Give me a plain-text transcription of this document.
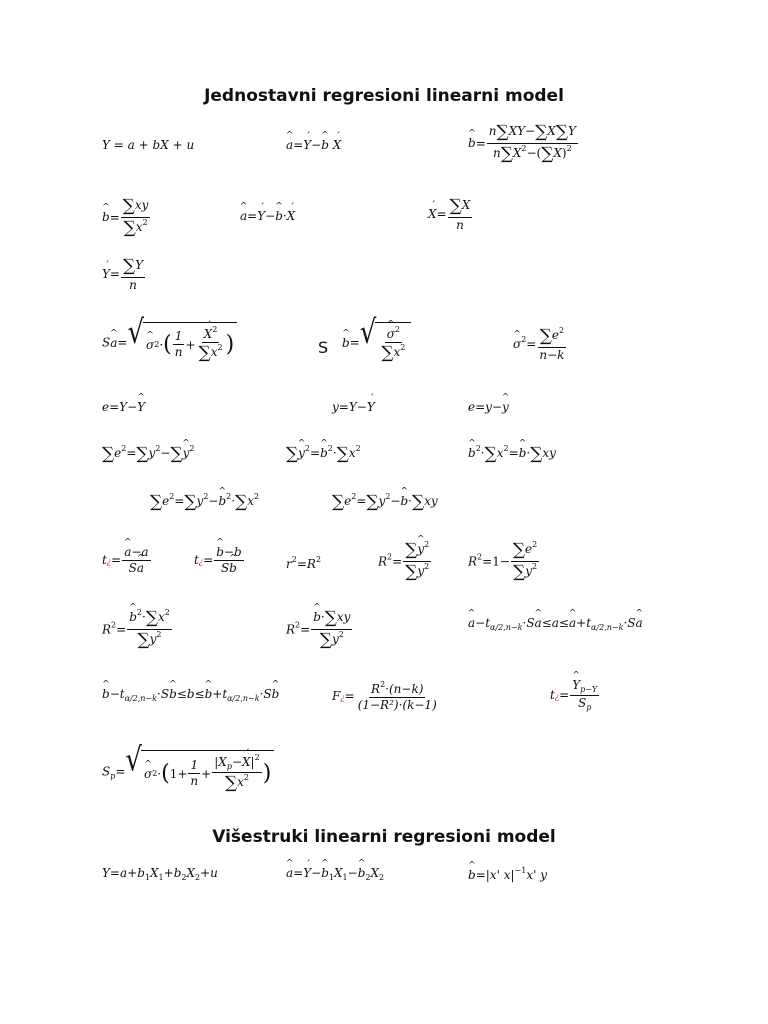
Jednostavni regresioni linearni model
Y = a + bX + u	a ^=Y ´−b ^ X ´	b ^= $\frac{n\sum XY-\sum X\sum Y}{n\sum X^2-(\sum X)^2}$
b ^= $\frac{\sum xy}{\sum x^2}$	a ^=Y ´−b ^·X ´	X ´= $\frac{\sum X}{n}$
Y ´= $\frac{\sum Y}{n}$
Sa ^= √ σ ^ 2 · ( $\frac{1}{n} + \frac{X ´^2}{\sum x^2}$ )	S b ^= √ $\frac{\sigma \^{}^2}{\sum x^2}$	σ ^$^2$= $\frac{\sum e^2}{n-k}$
e=Y−Y ^	y=Y−Y ´	e=y−y ^
$\sum e^2=\sum y^2-\sum y$ ^$^2$	∑y ^$^2$=b $\^{}^2\cdot\sum x^2$	b $\^{}^2\cdot\sum x^2=b$ ^·∑xy
$\sum e^2=\sum y^2-b$ $\^{}^2\cdot\sum x^2$	$\sum e^2=\sum y^2-b$ ^·∑xy
t¿= $\frac{a \^{}-a}{Sa}$ ^	t¿= $\frac{b \^{}-b}{Sb}$ ^	$r^2=R^2$	$R^2= \frac{\sum y \^{}^2}{\sum y^2}$	$R^2=1- \frac{\sum e^2}{\sum y^2}$
$R^2= \frac{b \^{}^2\cdot\sum x^2}{\sum y^2}$	$R^2= \frac{b \^{}\cdot\sum xy}{\sum y^2}$	a $\^{}-t_{\alpha/2,n-k}\cdot Sa$ ^≤a≤a $\^{}+t_{\alpha/2,n-k}\cdot Sa$ ^
b $\^{}-t_{\alpha/2,n-k}\cdot Sb$ ^≤b≤b $\^{}+t_{\alpha/2,n-k}\cdot Sb$ ^	F¿= $\frac{R^2\cdot(n-k)}{\text{(1−R²)·(k−1)}}$	t¿= $\frac{Y \^{}_{p-Y}}{S_p}$
$S_p=$ √ σ ^ 2 · ( $1 + \frac{1}{n} + \frac{|X_p-X ´|^2}{\sum x^2}$ )
Višestruki linearni regresioni model
$Y=a+b_1X_1+b_2X_2+u$	a ^=Y ´−b $\^{}_1X_1-b$ $\^{}_2X_2$	b ^=|x' $x|^{-1}x'$ y
